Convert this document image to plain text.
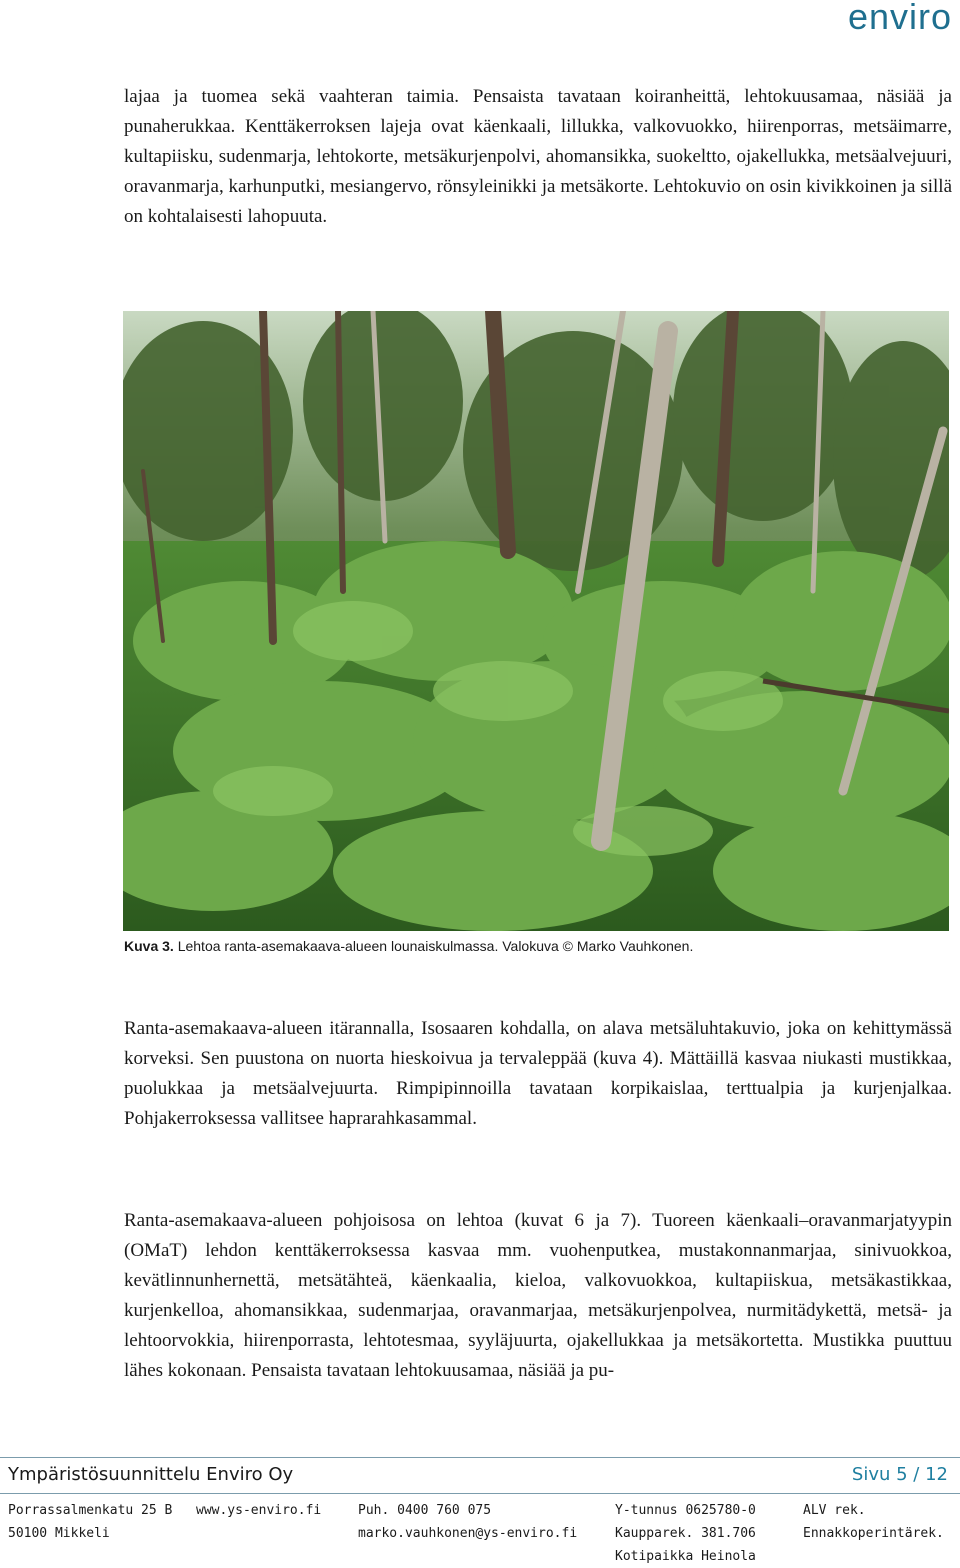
enviro

lajaa ja tuomea sekä vaahteran taimia. Pensaista tavataan koiranheittä, lehtokuusamaa, näsiää ja punaherukkaa. Kenttäkerroksen lajeja ovat käenkaali, lillukka, valkovuokko, hiirenporras, metsäimarre, kultapiisku, sudenmarja, lehtokorte, metsäkurjenpolvi, ahomansikka, suokeltto, ojakellukka, metsäalvejuuri, oravanmarja, karhunputki, mesiangervo, rönsyleinikki ja metsäkorte. Lehtokuvio on osin kivikkoinen ja sillä on kohtalaisesti lahopuuta.

Kuva 3. Lehtoa ranta-asemakaava-alueen lounaiskulmassa. Valokuva © Marko Vauhkonen.

Ranta-asemakaava-alueen itärannalla, Isosaaren kohdalla, on alava metsäluhtakuvio, joka on kehittymässä korveksi. Sen puustona on nuorta hieskoivua ja tervaleppää (kuva 4). Mättäillä kasvaa niukasti mustikkaa, puolukkaa ja metsäalvejuurta. Rimpipinnoilla tavataan korpikaislaa, terttualpia ja kurjenjalkaa. Pohjakerroksessa vallitsee haprarahkasammal.

Ranta-asemakaava-alueen pohjoisosa on lehtoa (kuvat 6 ja 7). Tuoreen käenkaali–oravanmarjatyypin (OMaT) lehdon kenttäkerroksessa kasvaa mm. vuohenputkea, mustakonnanmarjaa, sinivuokkoa, kevätlinnunhernettä, metsätähteä, käenkaalia, kieloa, valkovuokkoa, kultapiiskua, metsäkastikkaa, kurjenkelloa, ahomansikkaa, sudenmarjaa, oravanmarjaa, metsäkurjenpolvea, nurmitädykettä, metsä- ja lehtoorvokkia, hiirenporrasta, lehtotesmaa, syyläjuurta, ojakellukkaa ja metsäkortetta. Mustikka puuttuu lähes kokonaan. Pensaista tavataan lehtokuusamaa, näsiää ja pu-

Ympäristösuunnittelu Enviro Oy	Sivu 5 / 12
Porrassalmenkatu 25 B
50100 Mikkeli
www.ys-enviro.fi	Puh. 0400 760 075
marko.vauhkonen@ys-enviro.fi
Y-tunnus 0625780-0
Kaupparek. 381.706
Kotipaikka Heinola
ALV rek.
Ennakkoperintärek.
